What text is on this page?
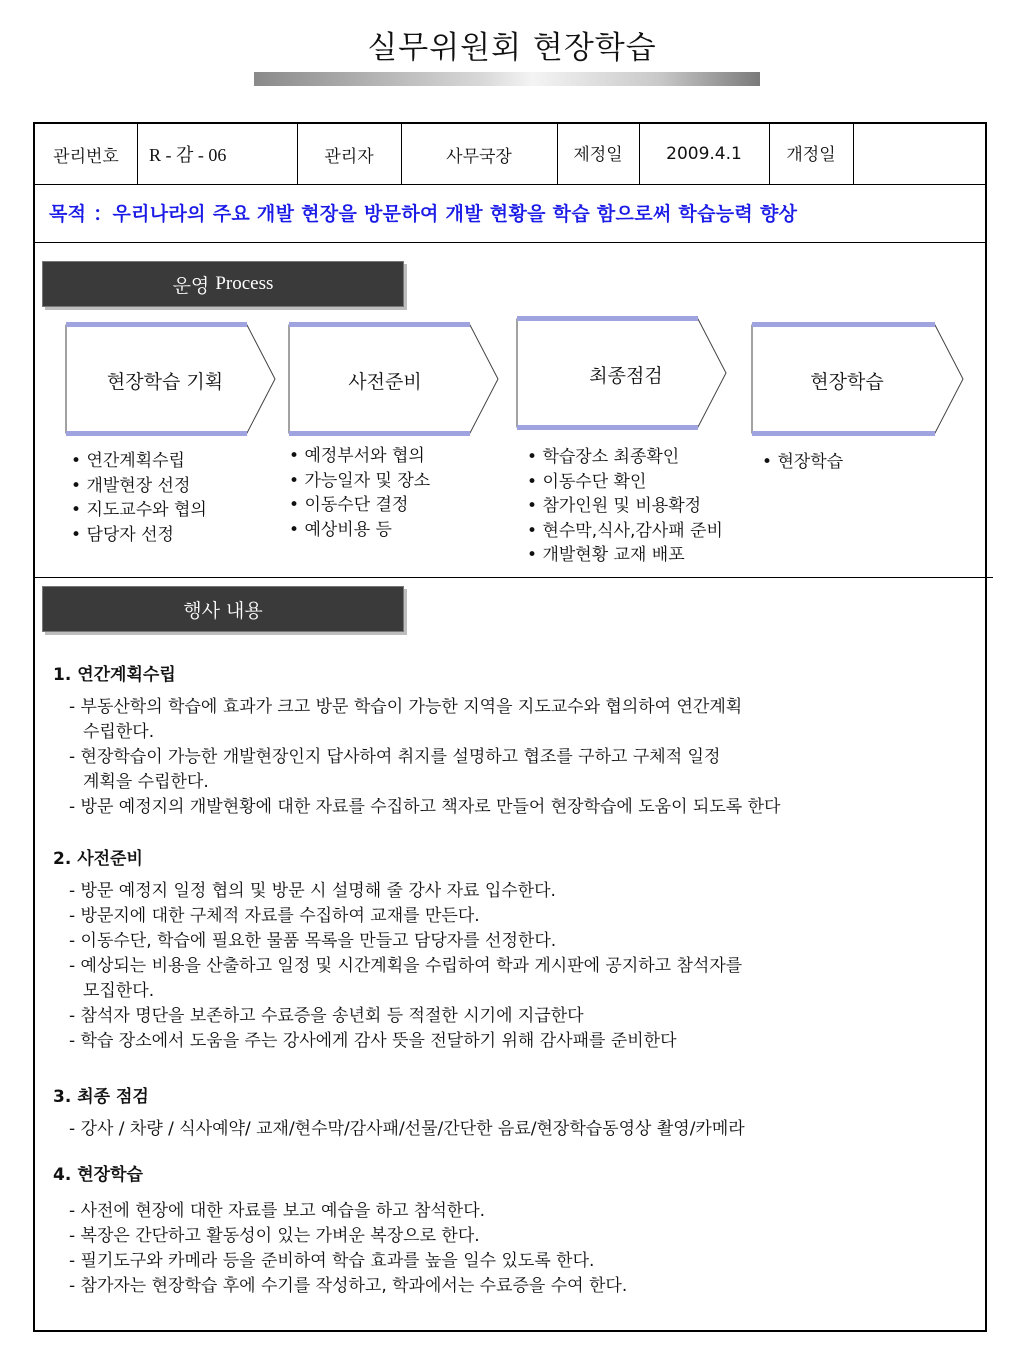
실무위원회 현장학습
관리번호	R - 감 - 06	관리자	사무국장	제정일	2009.4.1	개정일
목적 ：우리나라의 주요 개발 현장을 방문하여 개발 현황을 학습 함으로써 학습능력 향상
운영
Process
현장학습 기획	사전준비	최종점검	현장학습
• 연간계획수립
• 개발현장 선정
• 지도교수와 협의
• 담당자 선정
• 예정부서와 협의
• 가능일자 및 장소
• 이동수단 결정
• 예상비용 등
• 학습장소 최종확인
• 이동수단 확인
• 참가인원 및 비용확정
• 현수막,식사,감사패 준비
• 개발현황 교재 배포
• 현장학습
행사 내용

1. 연간계획수립

- 부동산학의 학습에 효과가 크고 방문 학습이 가능한 지역을 지도교수와 협의하여 연간계획

수립한다.

- 현장학습이 가능한 개발현장인지 답사하여 취지를 설명하고 협조를 구하고 구체적 일정

계획을 수립한다.

- 방문 예정지의 개발현황에 대한 자료를 수집하고 책자로 만들어 현장학습에 도움이 되도록 한다

2. 사전준비

- 방문 예정지 일정 협의 및 방문 시 설명해 줄 강사 자료 입수한다.

- 방문지에 대한 구체적 자료를 수집하여 교재를 만든다.

- 이동수단, 학습에 필요한 물품 목록을 만들고 담당자를 선정한다.

- 예상되는 비용을 산출하고 일정 및 시간계획을 수립하여 학과 게시판에 공지하고 참석자를

모집한다.

- 참석자 명단을 보존하고 수료증을 송년회 등 적절한 시기에 지급한다

- 학습 장소에서 도움을 주는 강사에게 감사 뜻을 전달하기 위해 감사패를 준비한다

3. 최종 점검

- 강사 / 차량 / 식사예약/ 교재/현수막/감사패/선물/간단한 음료/현장학습동영상 촬영/카메라

4. 현장학습

- 사전에 현장에 대한 자료를 보고 예습을 하고 참석한다.

- 복장은 간단하고 활동성이 있는 가벼운 복장으로 한다.

- 필기도구와 카메라 등을 준비하여 학습 효과를 높을 일수 있도록 한다.

- 참가자는 현장학습 후에 수기를 작성하고, 학과에서는 수료증을 수여 한다.
